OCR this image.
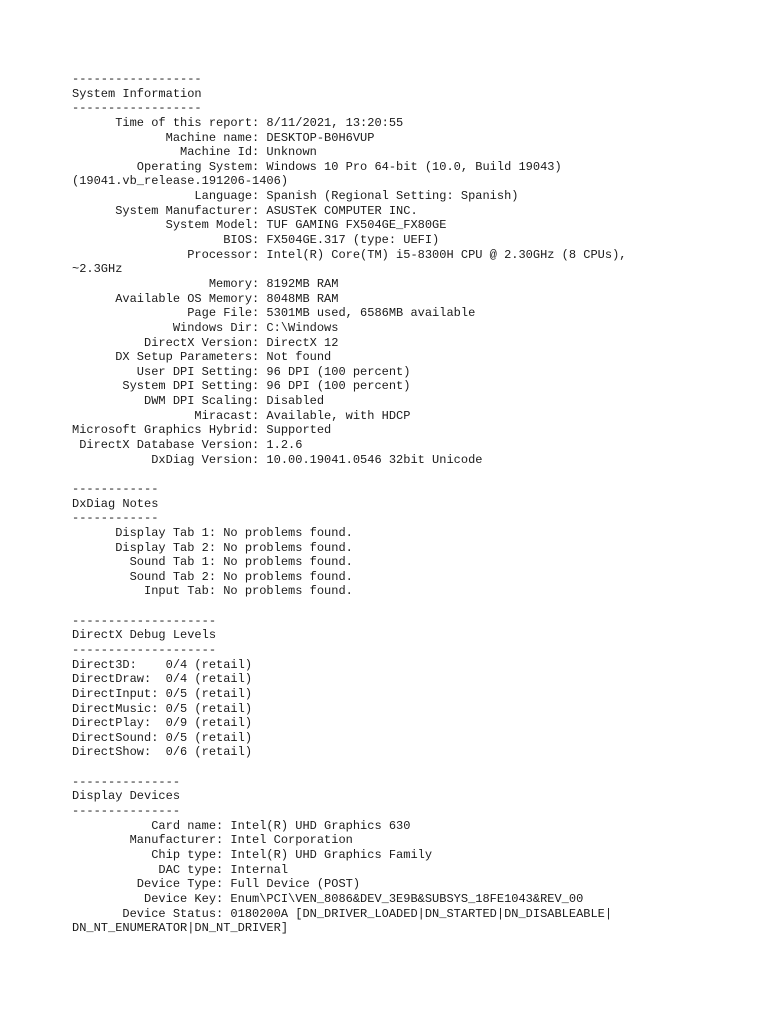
------------------
System Information
------------------
Time of this report: 8/11/2021, 13:20:55
Machine name: DESKTOP-B0H6VUP
Machine Id: Unknown
Operating System: Windows 10 Pro 64-bit (10.0, Build 19043)
(19041.vb_release.191206-1406)
Language: Spanish (Regional Setting: Spanish)
System Manufacturer: ASUSTeK COMPUTER INC.
System Model: TUF GAMING FX504GE_FX80GE
BIOS: FX504GE.317 (type: UEFI)
Processor: Intel(R) Core(TM) i5-8300H CPU @ 2.30GHz (8 CPUs),
~2.3GHz
Memory: 8192MB RAM
Available OS Memory: 8048MB RAM
Page File: 5301MB used, 6586MB available
Windows Dir: C:\Windows
DirectX Version: DirectX 12
DX Setup Parameters: Not found
User DPI Setting: 96 DPI (100 percent)
System DPI Setting: 96 DPI (100 percent)
DWM DPI Scaling: Disabled
Miracast: Available, with HDCP
Microsoft Graphics Hybrid: Supported
DirectX Database Version: 1.2.6
DxDiag Version: 10.00.19041.0546 32bit Unicode
------------
DxDiag Notes
------------
Display Tab 1: No problems found.
Display Tab 2: No problems found.
Sound Tab 1: No problems found.
Sound Tab 2: No problems found.
Input Tab: No problems found.
--------------------
DirectX Debug Levels
--------------------
Direct3D:    0/4 (retail)
DirectDraw:  0/4 (retail)
DirectInput: 0/5 (retail)
DirectMusic: 0/5 (retail)
DirectPlay:  0/9 (retail)
DirectSound: 0/5 (retail)
DirectShow:  0/6 (retail)
---------------
Display Devices
---------------
Card name: Intel(R) UHD Graphics 630
Manufacturer: Intel Corporation
Chip type: Intel(R) UHD Graphics Family
DAC type: Internal
Device Type: Full Device (POST)
Device Key: Enum\PCI\VEN_8086&DEV_3E9B&SUBSYS_18FE1043&REV_00
Device Status: 0180200A [DN_DRIVER_LOADED|DN_STARTED|DN_DISABLEABLE|
DN_NT_ENUMERATOR|DN_NT_DRIVER]
